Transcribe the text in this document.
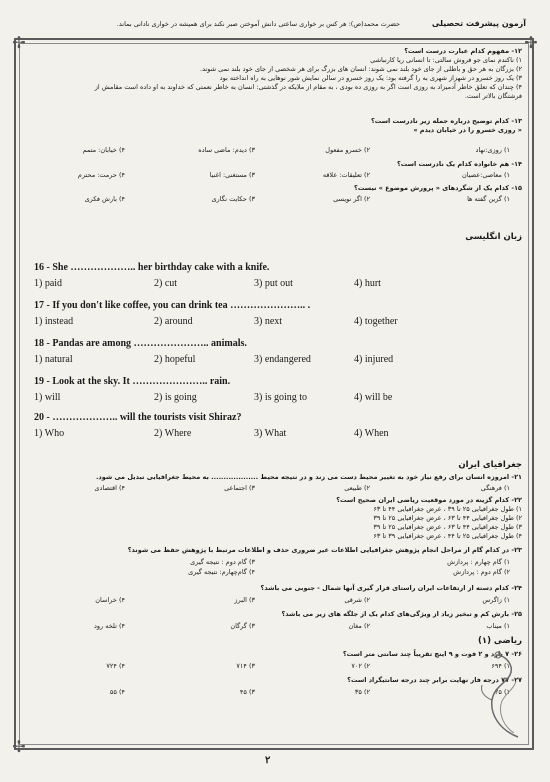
✢	✢
✢
آزمون پیشرفت تحصیلی
حضرت محمد(ص): هر کس بر خواری ساعتی دانش آموختن صبر نکند برای همیشه در خواری نادانی بماند.
۱۲- مفهوم کدام عبارت درست است؟
۱) ناکندم نمای جو فروش سالتی: تا انسانی ریا کارنباشی
۲) بزرگان به هر حق و باطلی از جای خود بلند نمی شوند: انسان های بزرگ برای هر شخصی از جای خود بلند نمی شوند.
۳) یک روز خسرو در شهزاز شهری به را گرفته بود: یک روز خسرو در سالن نمایش شور نوهایی به راه انداخته بود
۴) چندان که تعلق خاطر آدمیزاد به روزی است اگر به روزی ده بودی ، به مقام از ملایکه در گذشتی: انسان به خاطر نعمتی که خداوند به او داده است مقامش از
فرشتگان بالاتر است.
۱۳- کدام توضیح درباره جمله زیر نادرست است؟
« روزی خسرو را در خیابان دیدم »
۱) روزی:نهاد
۲) خسرو مفعول
۳) دیدم: ماضی ساده
۴) خیابان: متمم
۱۴- هم خانواده کدام یک نادرست است؟
۱) معاصی:عصیان
۲) تعلیقات: علاقه
۳) مستغنی: اغنیا
۴) حرمت: محترم
۱۵- کدام یک از شگردهای « پرورش موضوع » نیست؟
۱) گزین گفته ها
۲) اگر نویسی
۳) حکایت نگاری
۴) بارش فکری
زبان انگلیسی
16 - She ……………….. her birthday cake with a knife.
1) paid	2) cut	3) put out	4) hurt
17 - If you don't like coffee, you can drink tea ………………….. .
1) instead	2) around	3) next	4) together
18 - Pandas are among ………………….. animals.
1) natural	2) hopeful	3) endangered	4) injured
19 - Look at the sky. It ………………….. rain.
1) will	2) is going	3) is going to	4) will be
20 - ……………….. will the tourists visit Shiraz?
1) Who	2) Where	3) What	4) When
جغرافیای ایران
۲۱- امروزه انسان برای رفع نیاز خود به تغییر محیط دست می زند و در نتیجه محیط ................... به محیط جغرافیایی تبدیل می شود.
۱) فرهنگی
۲) طبیعی
۳) اجتماعی
۴) اقتصادی
۲۲- کدام گزینه در مورد موقعیت ریاضی ایران صحیح است؟
۱) طول جغرافیایی ۲۵ تا ۳۹ ، عرض جغرافیایی ۴۴ تا ۶۳
۲) طول جغرافیایی ۴۴ تا ۶۳ ، عرض جغرافیایی ۲۵ تا ۳۹
۳) طول جغرافیایی ۴۴ تا ۶۳ ، عرض جغرافیایی ۲۵ تا ۳۹
۴) طول جغرافیایی ۲۵ تا ۴۴ ، عرض جغرافیایی ۳۹ تا ۶۳
۲۳- در کدام گام از مراحل انجام پژوهش جغرافیایی اطلاعات غیر ضروری حذف و اطلاعات مرتبط با پژوهش حفظ می شوند؟
۱) گام چهارم : پردازش
۲) گام دوم : پردازش
۳) گام دوم : نتیجه گیری
۴) گام‌چهارم: نتیجه گیری
۲۴- کدام دسته از ارتفاعات ایران راستای قرار گیری آنها شمال - جنوبی می باشد؟
۱) زاگرس
۲) شرقی
۳) البرز
۴) خراسان
۲۵- بارش کم و تبخیر زیاد از ویژگی‌های کدام یک از جلگه های زیر می باشد؟
۱) میناب
۲) مغان
۳) گرگان
۴) تلخه رود
ریاضی (۱)
۲۶- ۷ یارد و ۲ فوت و ۹ اینچ تقریباً چند سانتی متر است؟
۱) ۶۹۴
۲) ۷۰۲
۳) ۷۱۴
۴) ۷۲۴
۲۷- ۷۷ درجه فار نهایت برابر چند درجه سانتیگراد است؟
۱) ۲۵
۲) ۳۵
۳) ۴۵
۴) ۵۵
۲
